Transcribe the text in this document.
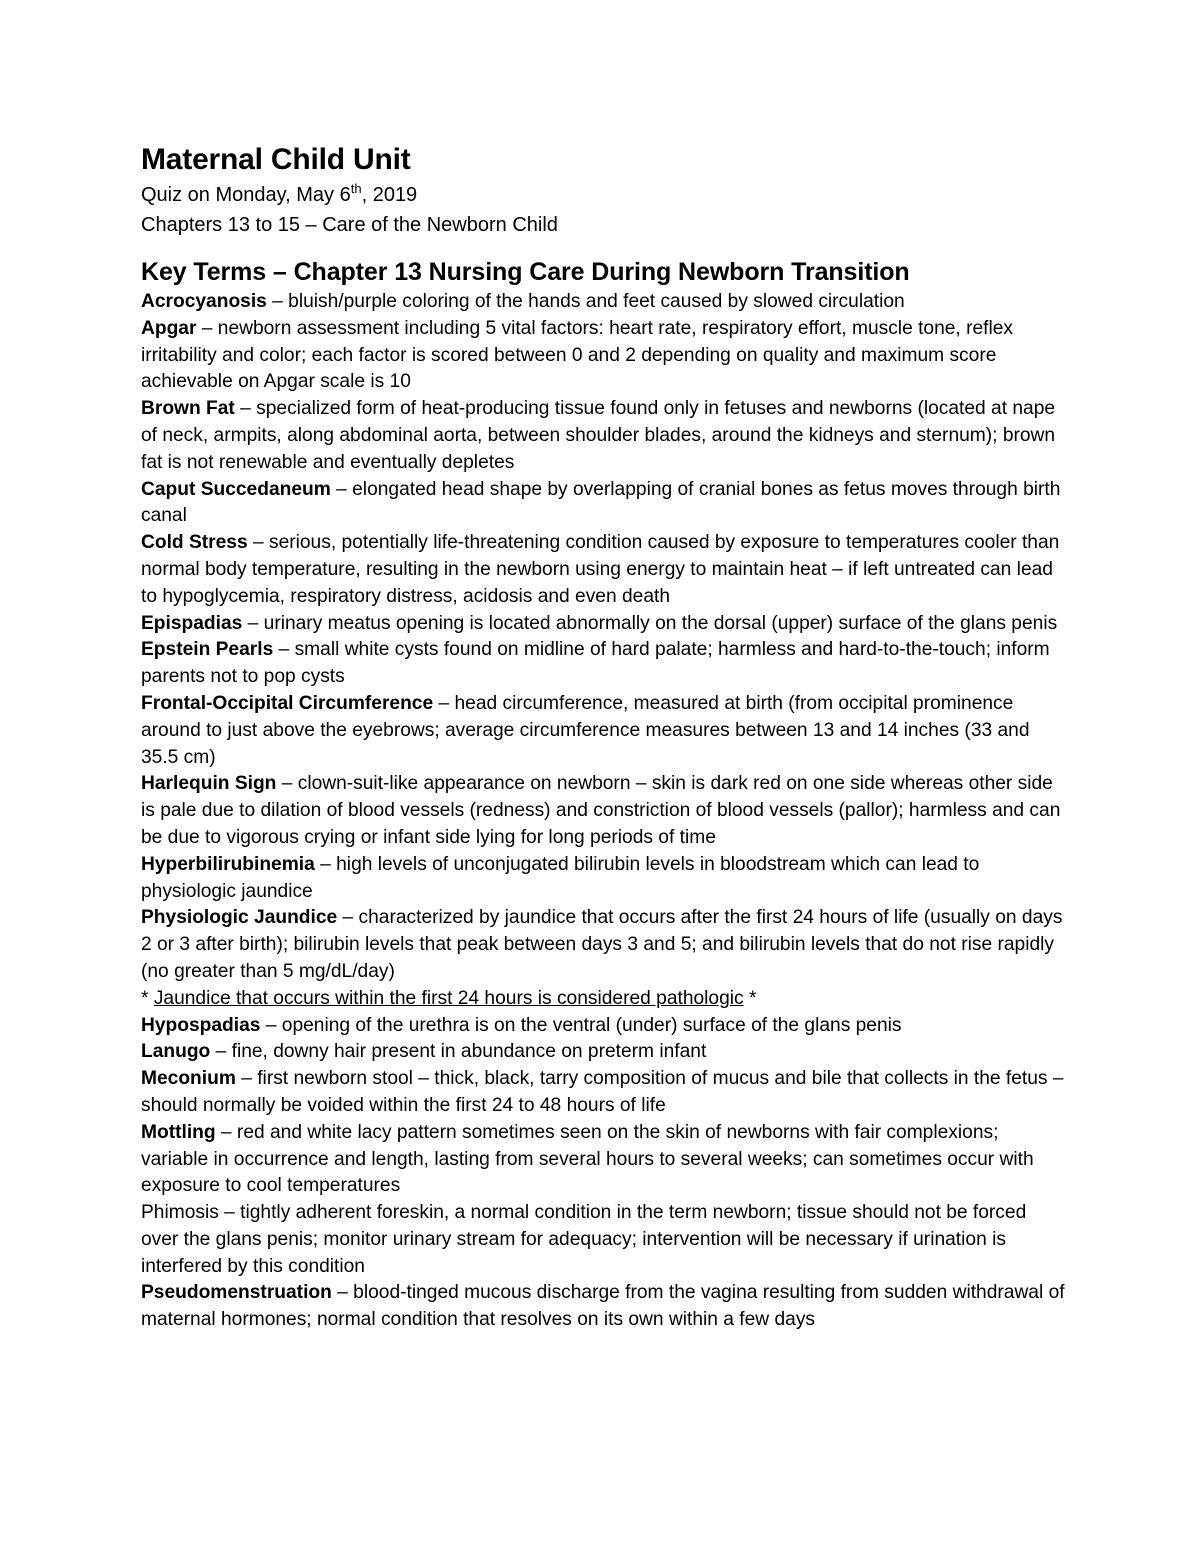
Maternal Child Unit

Quiz on Monday, May 6th, 2019

Chapters 13 to 15 – Care of the Newborn Child

Key Terms – Chapter 13 Nursing Care During Newborn Transition

Acrocyanosis – bluish/purple coloring of the hands and feet caused by slowed circulation

Apgar – newborn assessment including 5 vital factors: heart rate, respiratory effort, muscle tone, reflex irritability and color; each factor is scored between 0 and 2 depending on quality and maximum score achievable on Apgar scale is 10

Brown Fat – specialized form of heat-producing tissue found only in fetuses and newborns (located at nape of neck, armpits, along abdominal aorta, between shoulder blades, around the kidneys and sternum); brown fat is not renewable and eventually depletes

Caput Succedaneum – elongated head shape by overlapping of cranial bones as fetus moves through birth canal

Cold Stress – serious, potentially life-threatening condition caused by exposure to temperatures cooler than normal body temperature, resulting in the newborn using energy to maintain heat – if left untreated can lead to hypoglycemia, respiratory distress, acidosis and even death

Epispadias – urinary meatus opening is located abnormally on the dorsal (upper) surface of the glans penis

Epstein Pearls – small white cysts found on midline of hard palate; harmless and hard-to-the-touch; inform parents not to pop cysts

Frontal-Occipital Circumference – head circumference, measured at birth (from occipital prominence around to just above the eyebrows; average circumference measures between 13 and 14 inches (33 and 35.5 cm)

Harlequin Sign – clown-suit-like appearance on newborn – skin is dark red on one side whereas other side is pale due to dilation of blood vessels (redness) and constriction of blood vessels (pallor); harmless and can be due to vigorous crying or infant side lying for long periods of time

Hyperbilirubinemia – high levels of unconjugated bilirubin levels in bloodstream which can lead to physiologic jaundice

Physiologic Jaundice – characterized by jaundice that occurs after the first 24 hours of life (usually on days 2 or 3 after birth); bilirubin levels that peak between days 3 and 5; and bilirubin levels that do not rise rapidly (no greater than 5 mg/dL/day)

* Jaundice that occurs within the first 24 hours is considered pathologic *

Hypospadias – opening of the urethra is on the ventral (under) surface of the glans penis

Lanugo – fine, downy hair present in abundance on preterm infant

Meconium – first newborn stool – thick, black, tarry composition of mucus and bile that collects in the fetus – should normally be voided within the first 24 to 48 hours of life

Mottling – red and white lacy pattern sometimes seen on the skin of newborns with fair complexions; variable in occurrence and length, lasting from several hours to several weeks; can sometimes occur with exposure to cool temperatures

Phimosis – tightly adherent foreskin, a normal condition in the term newborn; tissue should not be forced over the glans penis; monitor urinary stream for adequacy; intervention will be necessary if urination is interfered by this condition

Pseudomenstruation – blood-tinged mucous discharge from the vagina resulting from sudden withdrawal of maternal hormones; normal condition that resolves on its own within a few days
